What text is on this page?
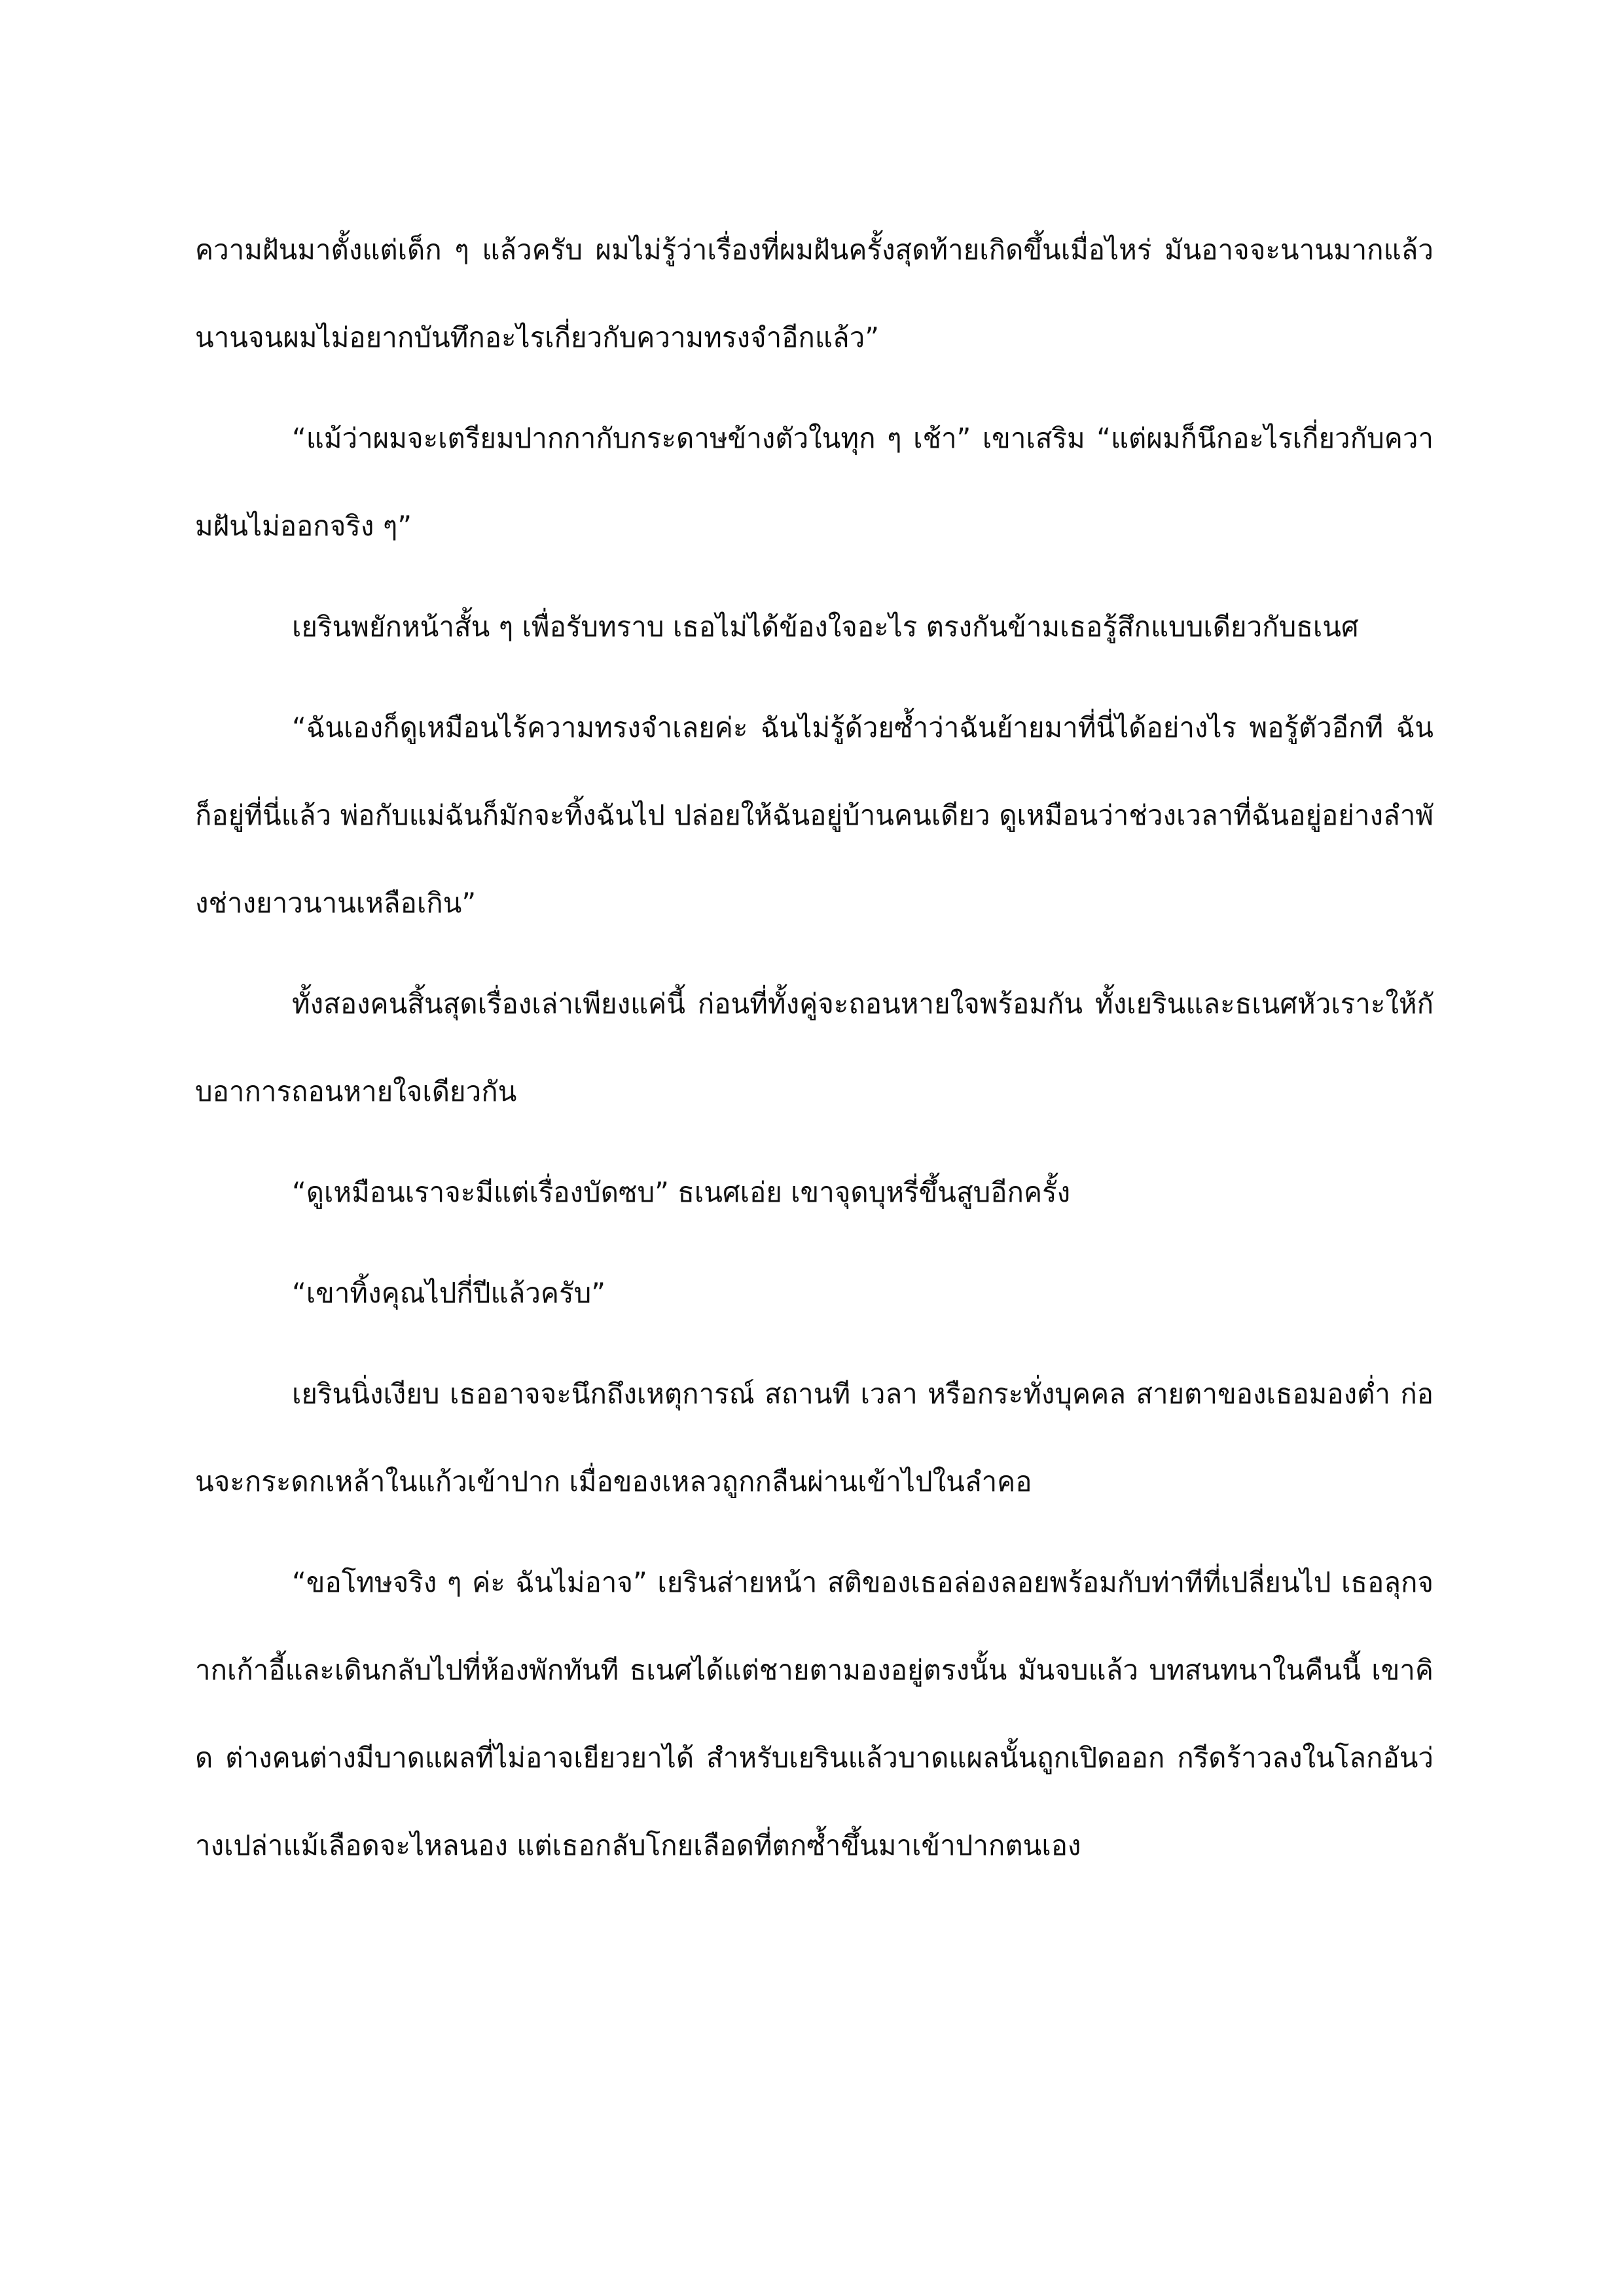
ความฝันมาตั้งแต่เด็ก ๆ แล้วครับ ผมไม่รู้ว่าเรื่องที่ผมฝันครั้งสุดท้ายเกิดขึ้นเมื่อไหร่ มันอาจจะนานมากแล้ว นานจนผมไม่อยากบันทึกอะไรเกี่ยวกับความทรงจำอีกแล้ว”

“แม้ว่าผมจะเตรียมปากกากับกระดาษข้างตัวในทุก ๆ เช้า” เขาเสริม “แต่ผมก็นึกอะไรเกี่ยวกับความฝันไม่ออกจริง ๆ”

เยรินพยักหน้าสั้น ๆ เพื่อรับทราบ เธอไม่ได้ข้องใจอะไร ตรงกันข้ามเธอรู้สึกแบบเดียวกับธเนศ

“ฉันเองก็ดูเหมือนไร้ความทรงจำเลยค่ะ ฉันไม่รู้ด้วยซ้ำว่าฉันย้ายมาที่นี่ได้อย่างไร พอรู้ตัวอีกที ฉันก็อยู่ที่นี่แล้ว พ่อกับแม่ฉันก็มักจะทิ้งฉันไป ปล่อยให้ฉันอยู่บ้านคนเดียว ดูเหมือนว่าช่วงเวลาที่ฉันอยู่อย่างลำพังช่างยาวนานเหลือเกิน”

ทั้งสองคนสิ้นสุดเรื่องเล่าเพียงแค่นี้ ก่อนที่ทั้งคู่จะถอนหายใจพร้อมกัน ทั้งเยรินและธเนศหัวเราะให้กับอาการถอนหายใจเดียวกัน

“ดูเหมือนเราจะมีแต่เรื่องบัดซบ” ธเนศเอ่ย เขาจุดบุหรี่ขึ้นสูบอีกครั้ง

“เขาทิ้งคุณไปกี่ปีแล้วครับ”

เยรินนิ่งเงียบ เธออาจจะนึกถึงเหตุการณ์ สถานที เวลา หรือกระทั่งบุคคล สายตาของเธอมองต่ำ ก่อนจะกระดกเหล้าในแก้วเข้าปาก เมื่อของเหลวถูกกลืนผ่านเข้าไปในลำคอ

“ขอโทษจริง ๆ ค่ะ ฉันไม่อาจ” เยรินส่ายหน้า สติของเธอล่องลอยพร้อมกับท่าทีที่เปลี่ยนไป เธอลุกจากเก้าอี้และเดินกลับไปที่ห้องพักทันที ธเนศได้แต่ชายตามองอยู่ตรงนั้น มันจบแล้ว บทสนทนาในคืนนี้ เขาคิด ต่างคนต่างมีบาดแผลที่ไม่อาจเยียวยาได้ สำหรับเยรินแล้วบาดแผลนั้นถูกเปิดออก กรีดร้าวลงในโลกอันว่างเปล่าแม้เลือดจะไหลนอง แต่เธอกลับโกยเลือดที่ตกซ้ำขึ้นมาเข้าปากตนเอง
